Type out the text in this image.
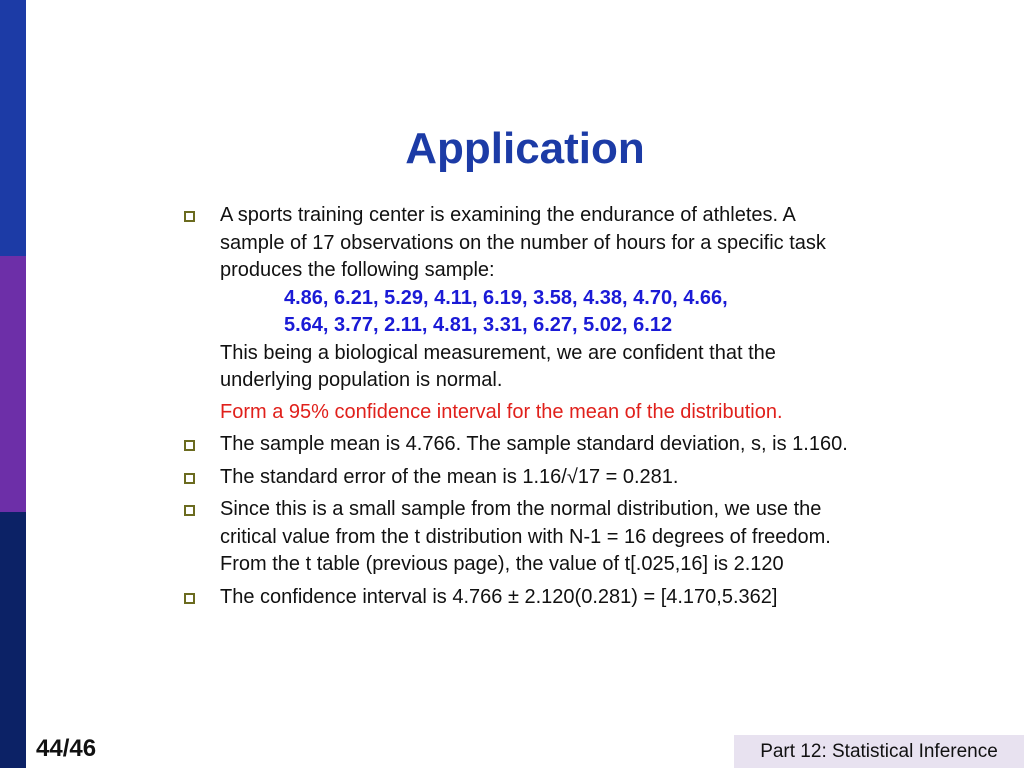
Application
A sports training center is examining the endurance of athletes. A
sample of 17 observations on the number of hours for a specific task
produces the following sample:
4.86, 6.21, 5.29, 4.11, 6.19, 3.58, 4.38, 4.70, 4.66,
5.64, 3.77, 2.11, 4.81, 3.31, 6.27, 5.02, 6.12
This being a biological measurement, we are confident that the
underlying population is normal.
Form a 95% confidence interval for the mean of the distribution.
The sample mean is 4.766. The sample standard deviation, s, is 1.160.
The standard error of the mean is 1.16/√17 = 0.281.
Since this is a small sample from the normal distribution, we use the
critical value from the t distribution with N-1 = 16 degrees of freedom.
From the t table (previous page), the value of t[.025,16] is 2.120
The confidence interval is 4.766 ± 2.120(0.281) = [4.170,5.362]
44/46	Part 12: Statistical Inference
